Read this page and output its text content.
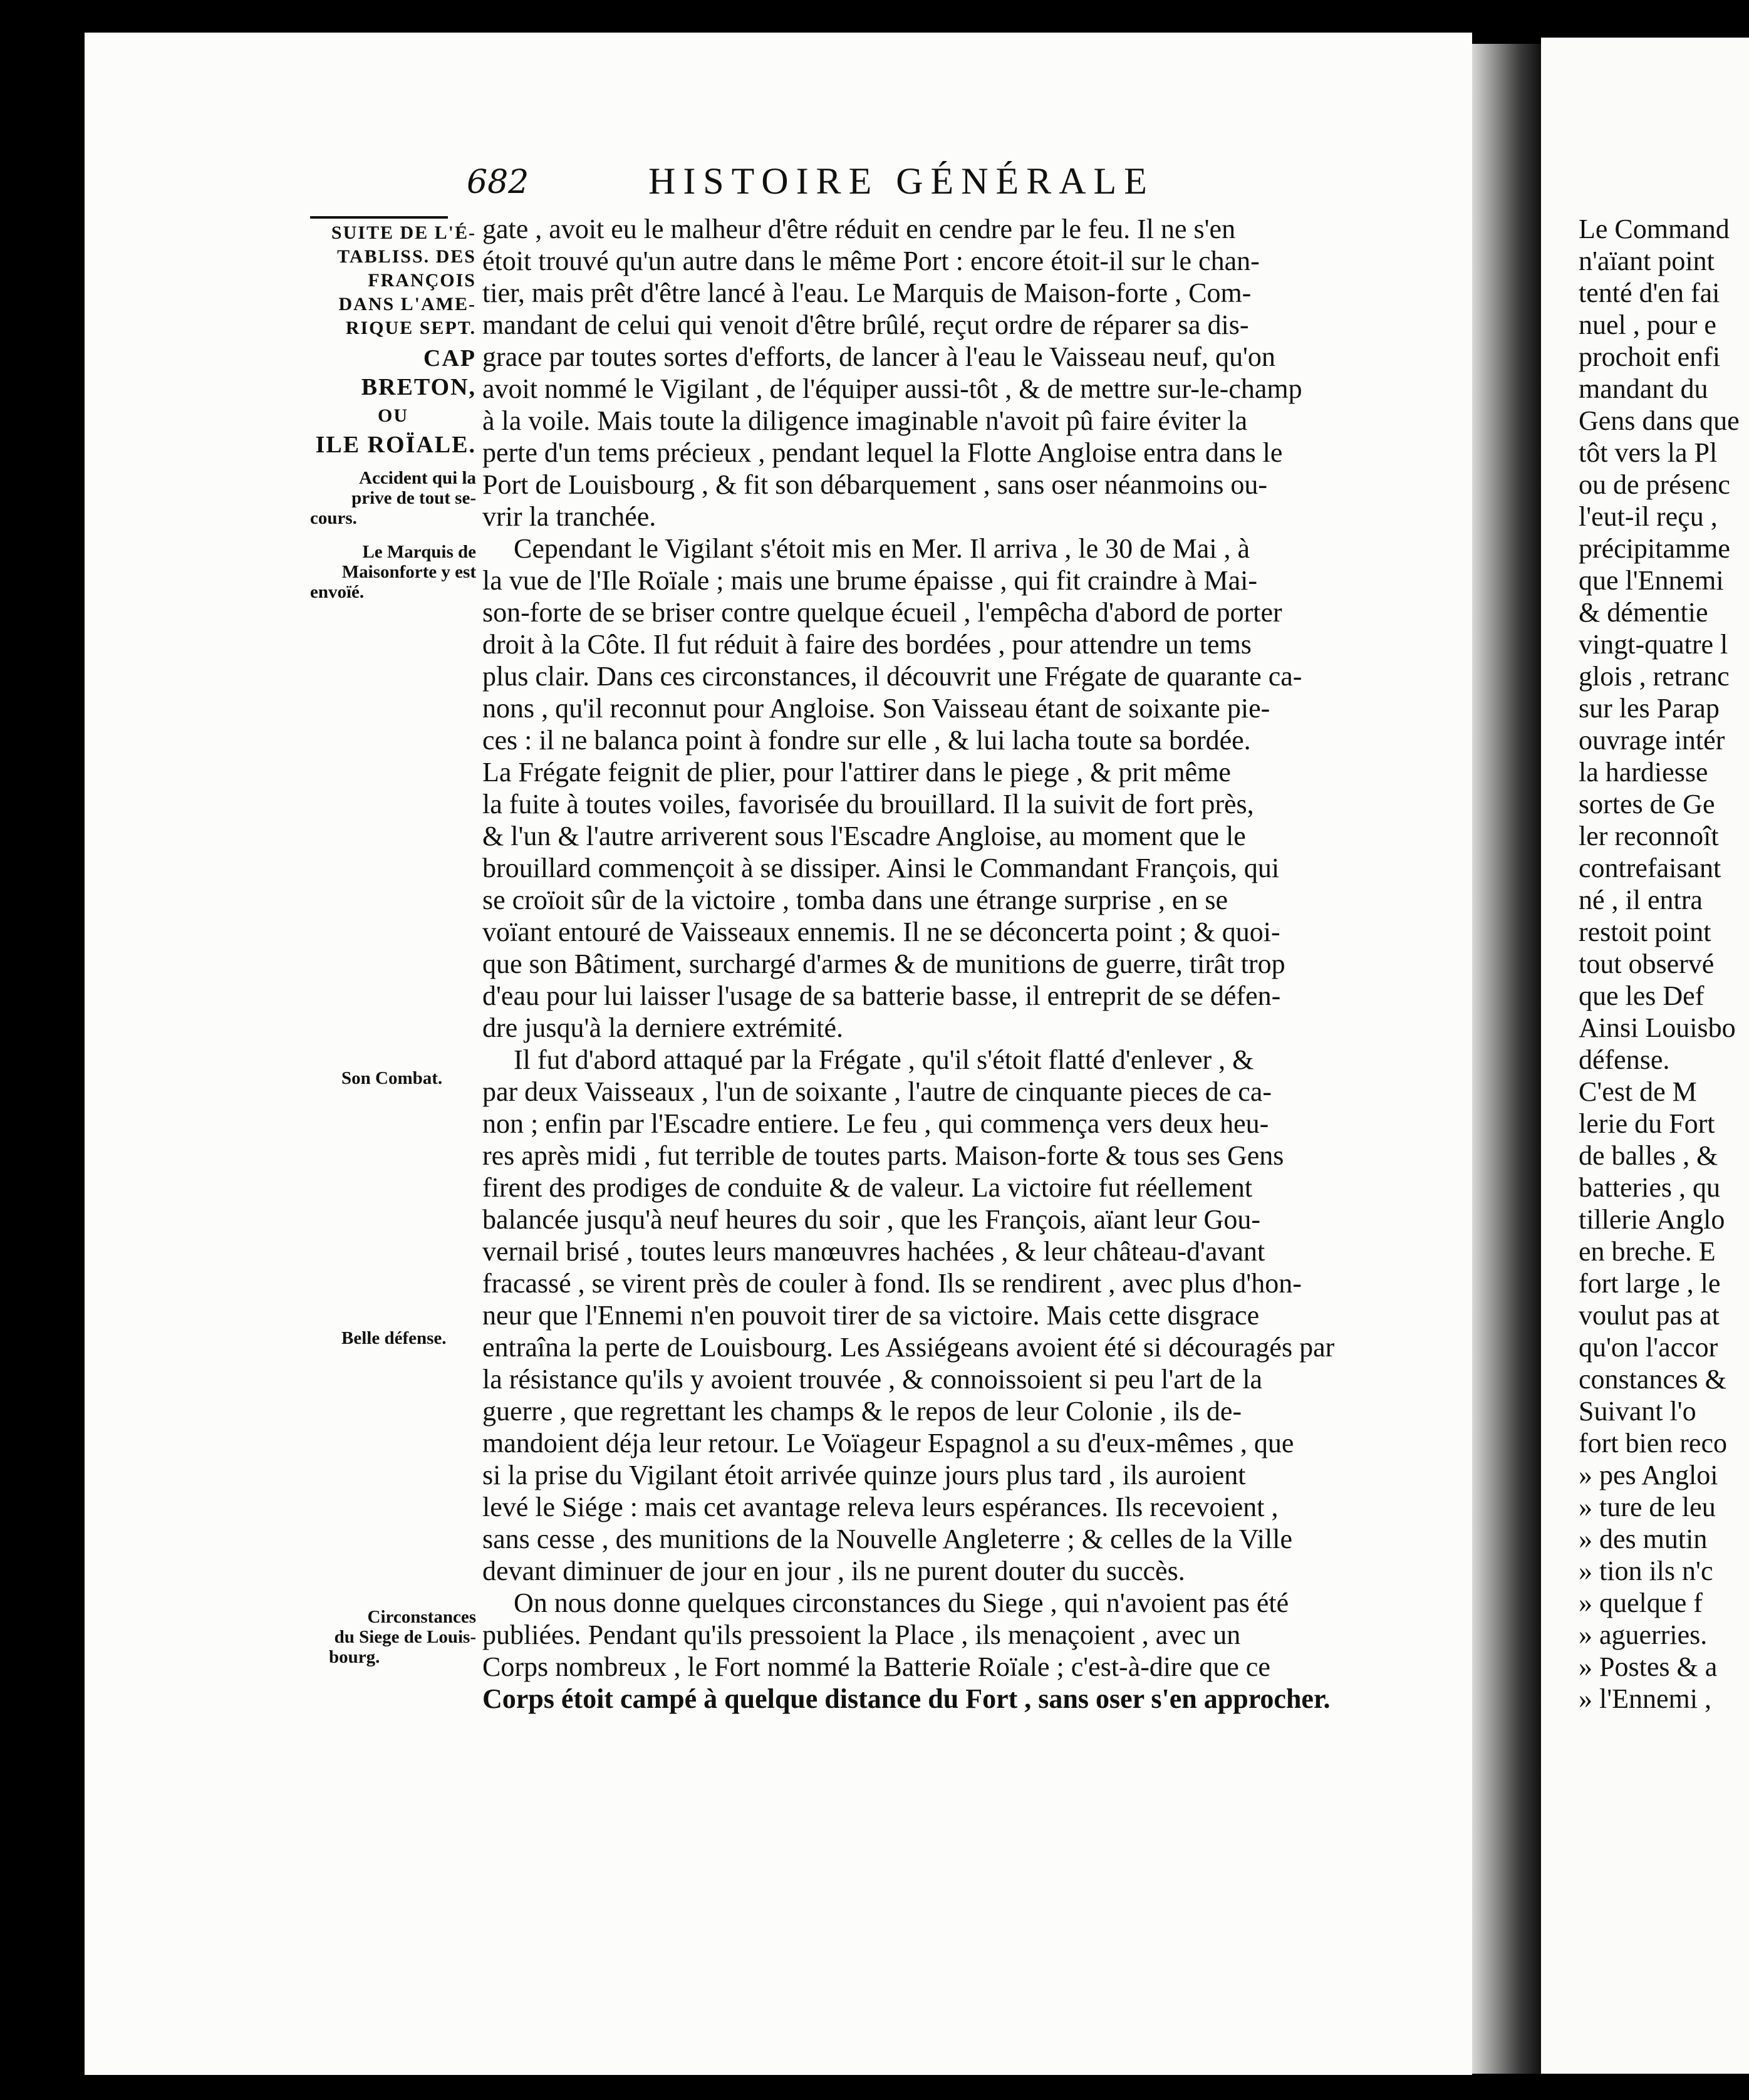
682	HISTOIRE GÉNÉRALE
SUITE DE L'É-
TABLISS. DES
FRANÇOIS
DANS L'AME-
RIQUE SEPT.
CAP BRETON,
OU
ILE ROÏALE.
Accident qui la
prive de tout se-
cours.
Le Marquis de
Maisonforte y est
envoïé.
Son Combat.
Belle défense.
Circonstances
du Siege de Louis-
bourg.
gate , avoit eu le malheur d'être réduit en cendre par le feu. Il ne s'en
étoit trouvé qu'un autre dans le même Port : encore étoit-il sur le chan-
tier, mais prêt d'être lancé à l'eau. Le Marquis de Maison-forte , Com-
mandant de celui qui venoit d'être brûlé, reçut ordre de réparer sa dis-
grace par toutes sortes d'efforts, de lancer à l'eau le Vaisseau neuf, qu'on
avoit nommé le Vigilant , de l'équiper aussi-tôt , & de mettre sur-le-champ
à la voile. Mais toute la diligence imaginable n'avoit pû faire éviter la
perte d'un tems précieux , pendant lequel la Flotte Angloise entra dans le
Port de Louisbourg , & fit son débarquement , sans oser néanmoins ou-
vrir la tranchée.
Cependant le Vigilant s'étoit mis en Mer. Il arriva , le 30 de Mai , à
la vue de l'Ile Roïale ; mais une brume épaisse , qui fit craindre à Mai-
son-forte de se briser contre quelque écueil , l'empêcha d'abord de porter
droit à la Côte. Il fut réduit à faire des bordées , pour attendre un tems
plus clair. Dans ces circonstances, il découvrit une Frégate de quarante ca-
nons , qu'il reconnut pour Angloise. Son Vaisseau étant de soixante pie-
ces : il ne balanca point à fondre sur elle , & lui lacha toute sa bordée.
La Frégate feignit de plier, pour l'attirer dans le piege , & prit même
la fuite à toutes voiles, favorisée du brouillard. Il la suivit de fort près,
& l'un & l'autre arriverent sous l'Escadre Angloise, au moment que le
brouillard commençoit à se dissiper. Ainsi le Commandant François, qui
se croïoit sûr de la victoire , tomba dans une étrange surprise , en se
voïant entouré de Vaisseaux ennemis. Il ne se déconcerta point ; & quoi-
que son Bâtiment, surchargé d'armes & de munitions de guerre, tirât trop
d'eau pour lui laisser l'usage de sa batterie basse, il entreprit de se défen-
dre jusqu'à la derniere extrémité.
Il fut d'abord attaqué par la Frégate , qu'il s'étoit flatté d'enlever , &
par deux Vaisseaux , l'un de soixante , l'autre de cinquante pieces de ca-
non ; enfin par l'Escadre entiere. Le feu , qui commença vers deux heu-
res après midi , fut terrible de toutes parts. Maison-forte & tous ses Gens
firent des prodiges de conduite & de valeur. La victoire fut réellement
balancée jusqu'à neuf heures du soir , que les François, aïant leur Gou-
vernail brisé , toutes leurs manœuvres hachées , & leur château-d'avant
fracassé , se virent près de couler à fond. Ils se rendirent , avec plus d'hon-
neur que l'Ennemi n'en pouvoit tirer de sa victoire. Mais cette disgrace
entraîna la perte de Louisbourg. Les Assiégeans avoient été si découragés par
la résistance qu'ils y avoient trouvée , & connoissoient si peu l'art de la
guerre , que regrettant les champs & le repos de leur Colonie , ils de-
mandoient déja leur retour. Le Voïageur Espagnol a su d'eux-mêmes , que
si la prise du Vigilant étoit arrivée quinze jours plus tard , ils auroient
levé le Siége : mais cet avantage releva leurs espérances. Ils recevoient ,
sans cesse , des munitions de la Nouvelle Angleterre ; & celles de la Ville
devant diminuer de jour en jour , ils ne purent douter du succès.
On nous donne quelques circonstances du Siege , qui n'avoient pas été
publiées. Pendant qu'ils pressoient la Place , ils menaçoient , avec un
Corps nombreux , le Fort nommé la Batterie Roïale ; c'est-à-dire que ce
Corps étoit campé à quelque distance du Fort , sans oser s'en approcher.
Le Command
n'aïant point
tenté d'en fai
nuel , pour e
prochoit enfi
mandant du
Gens dans que
tôt vers la Pl
ou de présenc
l'eut-il reçu ,
précipitamme
que l'Ennemi
& démentie
vingt-quatre l
glois , retranc
sur les Parap
ouvrage intér
la hardiesse
sortes de Ge
ler reconnoît
contrefaisant
né , il entra
restoit point
tout observé
que les Def
Ainsi Louisbo
défense.
C'est de M
lerie du Fort
de balles , &
batteries , qu
tillerie Anglo
en breche. E
fort large , le
voulut pas at
qu'on l'accor
constances &
Suivant l'o
fort bien reco
» pes Angloi
» ture de leu
» des mutin
» tion ils n'c
» quelque f
» aguerries.
» Postes & a
» l'Ennemi ,
